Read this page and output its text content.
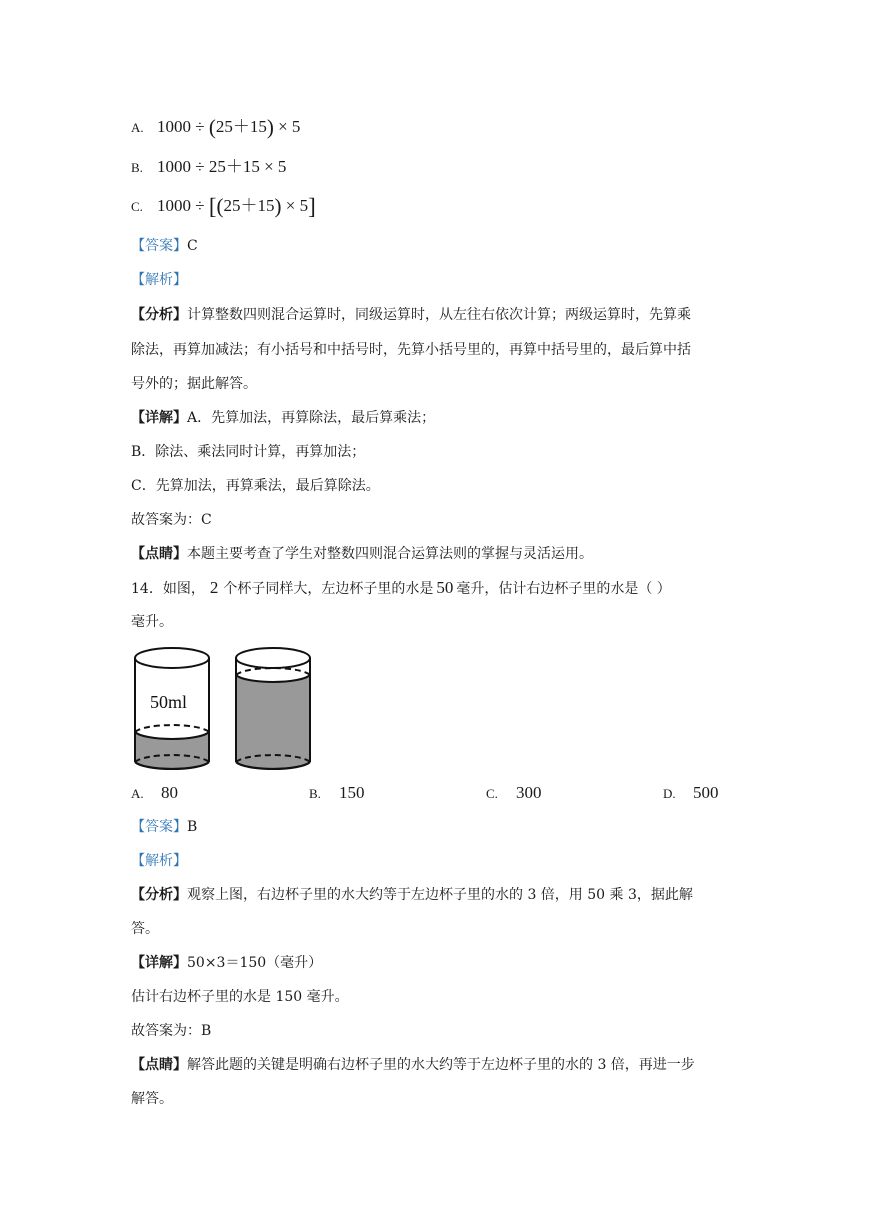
A. 1000 ÷ (25＋15) × 5
B. 1000 ÷ 25＋15 × 5
C. 1000 ÷ [(25＋15) × 5]
【答案】C
【解析】
【分析】计算整数四则混合运算时，同级运算时，从左往右依次计算；两级运算时，先算乘
除法，再算加减法；有小括号和中括号时，先算小括号里的，再算中括号里的，最后算中括
号外的；据此解答。
【详解】A．先算加法，再算除法，最后算乘法；
B．除法、乘法同时计算，再算加法；
C．先算加法，再算乘法，最后算除法。
故答案为：C
【点睛】本题主要考查了学生对整数四则混合运算法则的掌握与灵活运用。
14．如图， 2 个杯子同样大，左边杯子里的水是 50 毫升，估计右边杯子里的水是（ ）
毫升。
50ml
A. 80	B. 150	C. 300	D. 500
【答案】B
【解析】
【分析】观察上图，右边杯子里的水大约等于左边杯子里的水的 3 倍，用 50 乘 3，据此解
答。
【详解】50×3＝150（毫升）
估计右边杯子里的水是 150 毫升。
故答案为：B
【点睛】解答此题的关键是明确右边杯子里的水大约等于左边杯子里的水的 3 倍，再进一步
解答。
